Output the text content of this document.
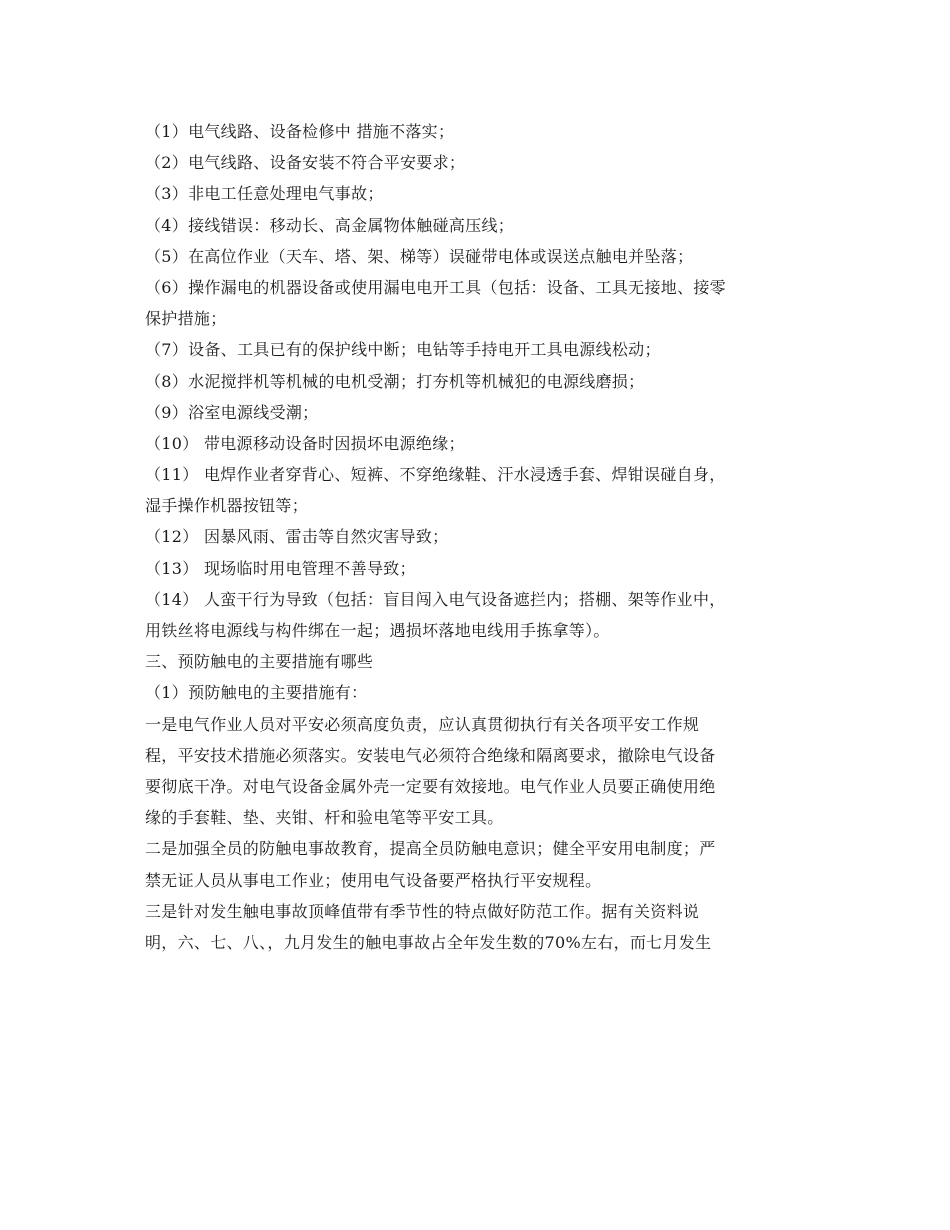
（1）电气线路、设备检修中 措施不落实；
（2）电气线路、设备安装不符合平安要求；
（3）非电工任意处理电气事故；
（4）接线错误：移动长、高金属物体触碰高压线；
（5）在高位作业（天车、塔、架、梯等）误碰带电体或误送点触电并坠落；
（6）操作漏电的机器设备或使用漏电电开工具（包括：设备、工具无接地、接零
保护措施；
（7）设备、工具已有的保护线中断；电钻等手持电开工具电源线松动；
（8）水泥搅拌机等机械的电机受潮；打夯机等机械犯的电源线磨损；
（9）浴室电源线受潮；
（10） 带电源移动设备时因损坏电源绝缘；
（11） 电焊作业者穿背心、短裤、不穿绝缘鞋、汗水浸透手套、焊钳误碰自身，
湿手操作机器按钮等；
（12） 因暴风雨、雷击等自然灾害导致；
（13） 现场临时用电管理不善导致；
（14） 人蛮干行为导致（包括：盲目闯入电气设备遮拦内；搭棚、架等作业中，
用铁丝将电源线与构件绑在一起；遇损坏落地电线用手拣拿等）。
三、预防触电的主要措施有哪些
（1）预防触电的主要措施有：
一是电气作业人员对平安必须高度负责，应认真贯彻执行有关各项平安工作规
程，平安技术措施必须落实。安装电气必须符合绝缘和隔离要求，撤除电气设备
要彻底干净。对电气设备金属外壳一定要有效接地。电气作业人员要正确使用绝
缘的手套鞋、垫、夹钳、杆和验电笔等平安工具。
二是加强全员的防触电事故教育，提高全员防触电意识；健全平安用电制度；严
禁无证人员从事电工作业；使用电气设备要严格执行平安规程。
三是针对发生触电事故顶峰值带有季节性的特点做好防范工作。据有关资料说
明，六、七、八、，九月发生的触电事故占全年发生数的70%左右，而七月发生
